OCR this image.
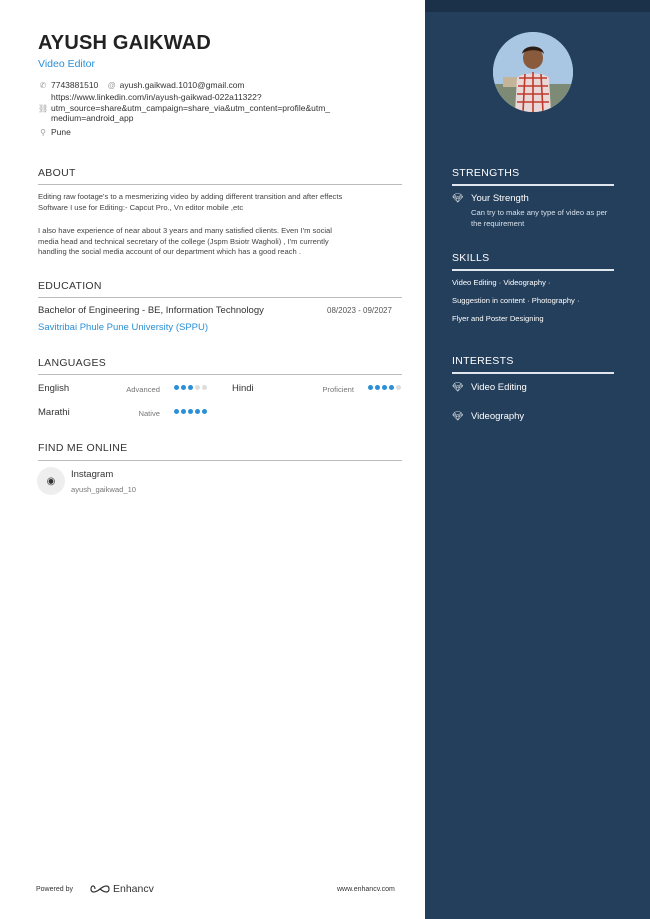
AYUSH GAIKWAD
Video Editor
✆ 7743881510 @ ayush.gaikwad.1010@gmail.com
https://www.linkedin.com/in/ayush-gaikwad-022a11322?
⛓ utm_source=share&utm_campaign=share_via&utm_content=profile&utm_
medium=android_app
⚲ Pune
ABOUT
Editing raw footage's to a mesmerizing video by adding different transition and after effects
Software I use for Editing:- Capcut Pro., Vn editor mobile ,etc
I also have experience of near about 3 years and many satisfied clients. Even I'm social
media head and technical secretary of the college (Jspm Bsiotr Wagholi) , I'm currently
handling the social media account of our department which has a good reach .
EDUCATION
Bachelor of Engineering - BE, Information Technology	08/2023 - 09/2027
Savitribai Phule Pune University (SPPU)
LANGUAGES
English	Advanced	Hindi	Proficient
Marathi	Native
FIND ME ONLINE
◉
Instagram
ayush_gaikwad_10
Powered by	Enhancv	www.enhancv.com
STRENGTHS
💎︎ Your Strength
Can try to make any type of video as per the requirement
SKILLS
Video Editing · Videography ·
Suggestion in content · Photography ·
Flyer and Poster Designing
INTERESTS
💎︎ Video Editing
💎︎ Videography
